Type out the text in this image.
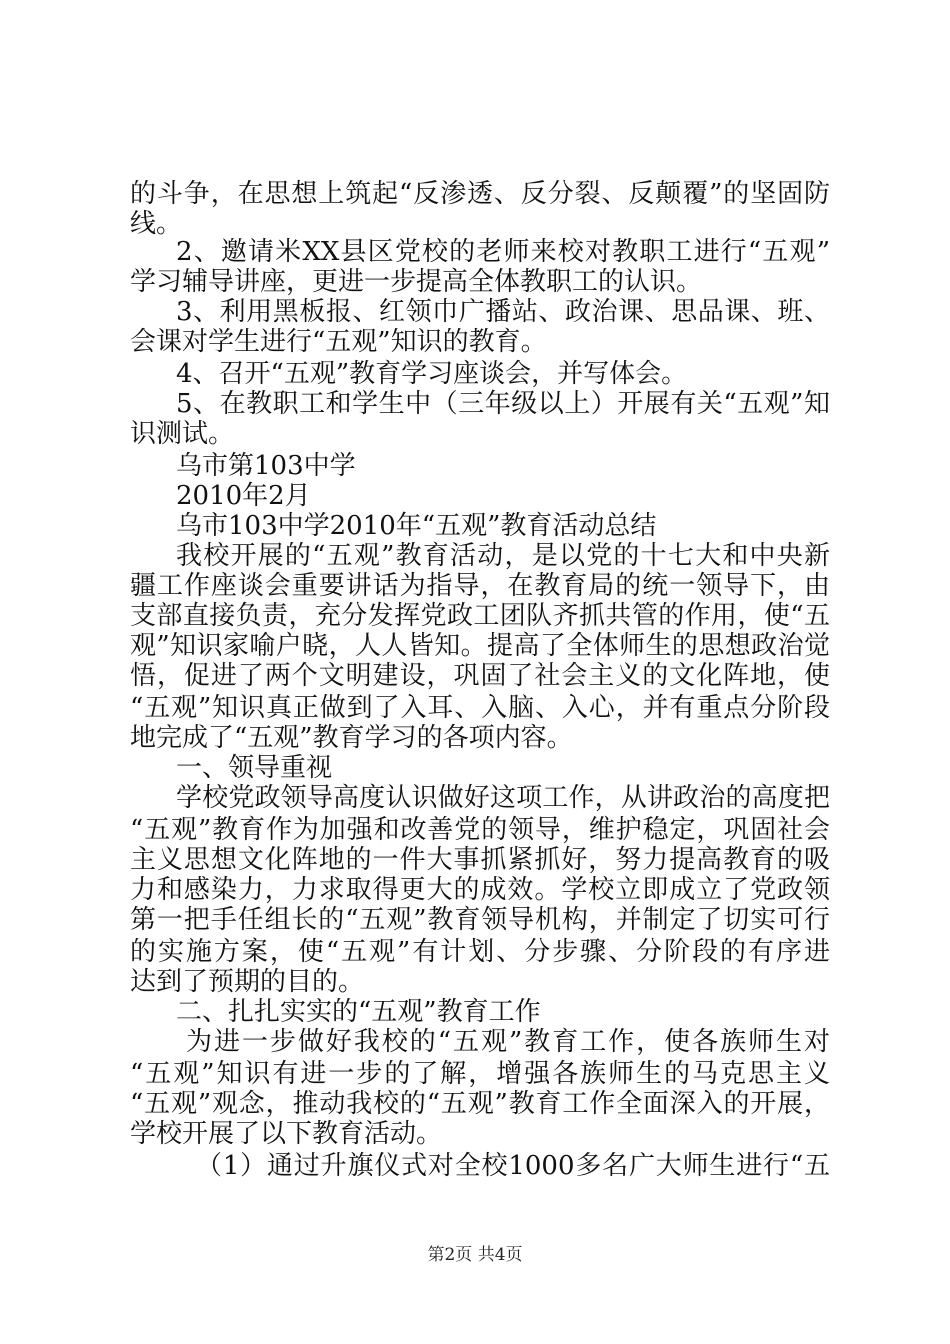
的斗争，在思想上筑起“反渗透、反分裂、反颠覆”的坚固防
线。
2、邀请米XX县区党校的老师来校对教职工进行“五观”
学习辅导讲座，更进一步提高全体教职工的认识。
3、利用黑板报、红领巾广播站、政治课、思品课、班、
会课对学生进行“五观”知识的教育。
4、召开“五观”教育学习座谈会，并写体会。
5、在教职工和学生中（三年级以上）开展有关“五观”知
识测试。
乌市第103中学
2010年2月
乌市103中学2010年“五观”教育活动总结
我校开展的“五观”教育活动，是以党的十七大和中央新
疆工作座谈会重要讲话为指导，在教育局的统一领导下，由
支部直接负责，充分发挥党政工团队齐抓共管的作用，使“五
观”知识家喻户晓，人人皆知。提高了全体师生的思想政治觉
悟，促进了两个文明建设，巩固了社会主义的文化阵地，使
“五观”知识真正做到了入耳、入脑、入心，并有重点分阶段
地完成了“五观”教育学习的各项内容。
一、领导重视
学校党政领导高度认识做好这项工作，从讲政治的高度把
“五观”教育作为加强和改善党的领导，维护稳定，巩固社会
主义思想文化阵地的一件大事抓紧抓好，努力提高教育的吸
力和感染力，力求取得更大的成效。学校立即成立了党政领
第一把手任组长的“五观”教育领导机构，并制定了切实可行
的实施方案，使“五观”有计划、分步骤、分阶段的有序进
达到了预期的目的。
二、扎扎实实的“五观”教育工作
为进一步做好我校的“五观”教育工作，使各族师生对
“五观”知识有进一步的了解，增强各族师生的马克思主义
“五观”观念，推动我校的“五观”教育工作全面深入的开展，
学校开展了以下教育活动。
（1）通过升旗仪式对全校1000多名广大师生进行“五
第2页 共4页
